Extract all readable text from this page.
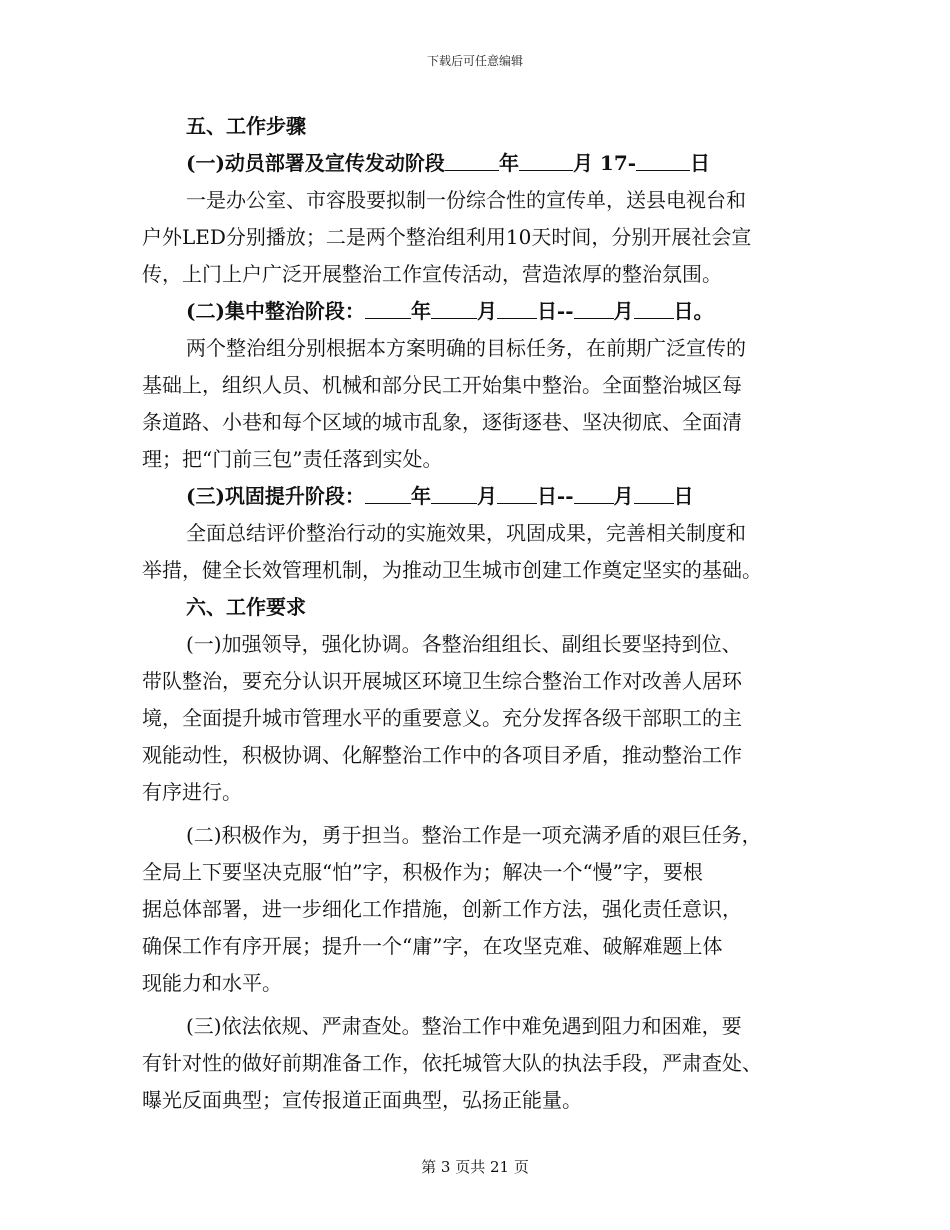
下载后可任意编辑
五、工作步骤
(一)动员部署及宣传发动阶段	年	月 17-	日
一是办公室、市容股要拟制一份综合性的宣传单，送县电视台和
户外LED分别播放；二是两个整治组利用10天时间，分别开展社会宣
传，上门上户广泛开展整治工作宣传活动，营造浓厚的整治氛围。
(二)集中整治阶段： 年 月 日-- 月 日。
两个整治组分别根据本方案明确的目标任务，在前期广泛宣传的
基础上，组织人员、机械和部分民工开始集中整治。全面整治城区每
条道路、小巷和每个区域的城市乱象，逐街逐巷、坚决彻底、全面清
理；把“门前三包”责任落到实处。
(三)巩固提升阶段： 年 月 日-- 月 日
全面总结评价整治行动的实施效果，巩固成果，完善相关制度和
举措，健全长效管理机制，为推动卫生城市创建工作奠定坚实的基础。
六、工作要求
(一)加强领导，强化协调。各整治组组长、副组长要坚持到位、
带队整治，要充分认识开展城区环境卫生综合整治工作对改善人居环
境，全面提升城市管理水平的重要意义。充分发挥各级干部职工的主
观能动性，积极协调、化解整治工作中的各项目矛盾，推动整治工作
有序进行。
(二)积极作为，勇于担当。整治工作是一项充满矛盾的艰巨任务，
全局上下要坚决克服“怕”字，积极作为；解决一个“慢”字，要根
据总体部署，进一步细化工作措施，创新工作方法，强化责任意识，
确保工作有序开展；提升一个“庸”字，在攻坚克难、破解难题上体
现能力和水平。
(三)依法依规、严肃查处。整治工作中难免遇到阻力和困难，要
有针对性的做好前期准备工作，依托城管大队的执法手段，严肃查处、
曝光反面典型；宣传报道正面典型，弘扬正能量。
第 3 页共 21 页
